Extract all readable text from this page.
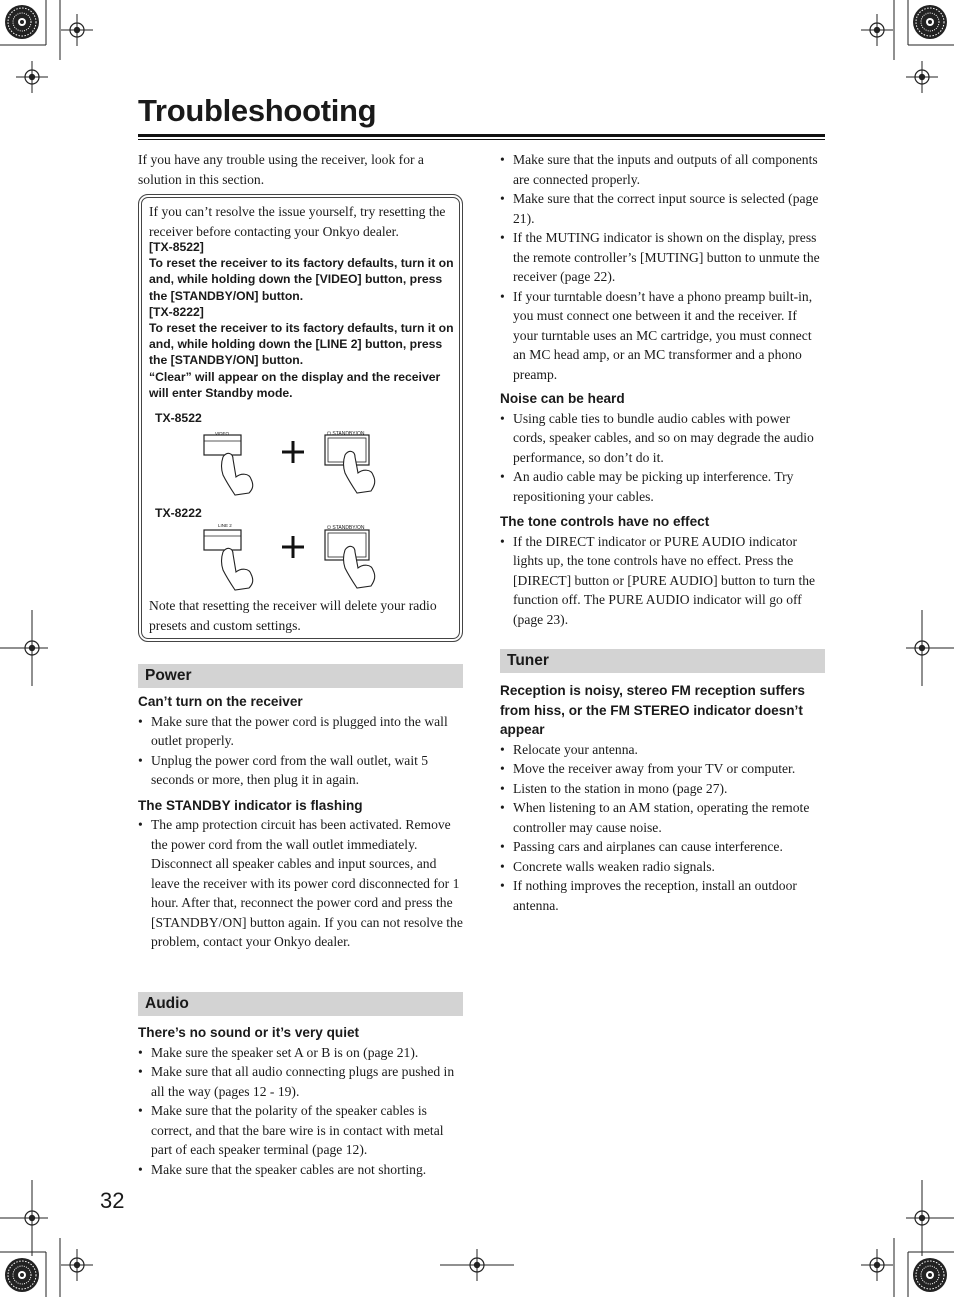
Troubleshooting
If you have any trouble using the receiver, look for a solution in this section.
If you can’t resolve the issue yourself, try resetting the receiver before contacting your Onkyo dealer.
[TX-8522]
To reset the receiver to its factory defaults, turn it on and, while holding down the [VIDEO] button, press the [STANDBY/ON] button.
[TX-8222]
To reset the receiver to its factory defaults, turn it on and, while holding down the [LINE 2] button, press the [STANDBY/ON] button.
“Clear” will appear on the display and the receiver will enter Standby mode.
TX-8522
VIDEO	⏻ STANDBY/ON
TX-8222
LINE 2	⏻ STANDBY/ON
Note that resetting the receiver will delete your radio presets and custom settings.
Power
Can’t turn on the receiver
• Make sure that the power cord is plugged into the wall outlet properly.
• Unplug the power cord from the wall outlet, wait 5 seconds or more, then plug it in again.
The STANDBY indicator is flashing
• The amp protection circuit has been activated. Remove the power cord from the wall outlet immediately. Disconnect all speaker cables and input sources, and leave the receiver with its power cord disconnected for 1 hour. After that, reconnect the power cord and press the [STANDBY/ON] button again. If you can not resolve the problem, contact your Onkyo dealer.
Audio
There’s no sound or it’s very quiet
• Make sure the speaker set A or B is on (page 21).
• Make sure that all audio connecting plugs are pushed in all the way (pages 12 - 19).
• Make sure that the polarity of the speaker cables is correct, and that the bare wire is in contact with metal part of each speaker terminal (page 12).
• Make sure that the speaker cables are not shorting.
• Make sure that the inputs and outputs of all components are connected properly.
• Make sure that the correct input source is selected (page 21).
• If the MUTING indicator is shown on the display, press the remote controller’s [MUTING] button to unmute the receiver (page 22).
• If your turntable doesn’t have a phono preamp built-in, you must connect one between it and the receiver. If your turntable uses an MC cartridge, you must connect an MC head amp, or an MC transformer and a phono preamp.
Noise can be heard
• Using cable ties to bundle audio cables with power cords, speaker cables, and so on may degrade the audio performance, so don’t do it.
• An audio cable may be picking up interference. Try repositioning your cables.
The tone controls have no effect
• If the DIRECT indicator or PURE AUDIO indicator lights up, the tone controls have no effect. Press the [DIRECT] button or [PURE AUDIO] button to turn the function off. The PURE AUDIO indicator will go off (page 23).
Tuner
Reception is noisy, stereo FM reception suffers from hiss, or the FM STEREO indicator doesn’t appear
• Relocate your antenna.
• Move the receiver away from your TV or computer.
• Listen to the station in mono (page 27).
• When listening to an AM station, operating the remote controller may cause noise.
• Passing cars and airplanes can cause interference.
• Concrete walls weaken radio signals.
• If nothing improves the reception, install an outdoor antenna.
32
